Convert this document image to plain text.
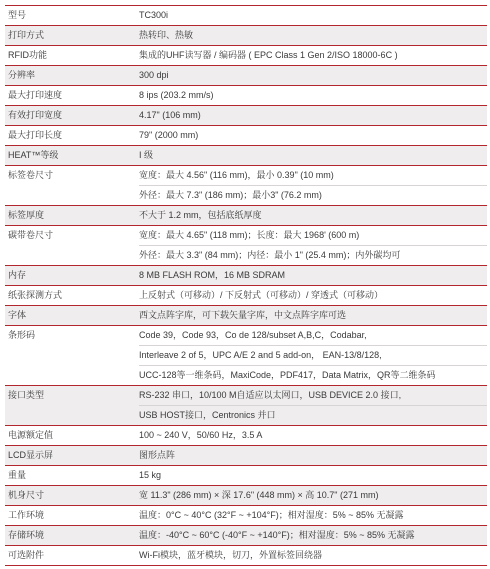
型号	TC300i
打印方式	热转印、热敏
RFID功能	集成的UHF读写器 / 编码器 ( EPC Class 1 Gen 2/ISO 18000-6C )
分辨率	300 dpi
最大打印速度	8 ips (203.2 mm/s)
有效打印宽度	4.17" (106 mm)
最大打印长度	79" (2000 mm)
HEAT™等级	I 级
标签卷尺寸	宽度：最大 4.56" (116 mm)，最小 0.39" (10 mm)
外径：最大 7.3" (186 mm)；最小3" (76.2 mm)
标签厚度	不大于 1.2 mm，包括底纸厚度
碳带卷尺寸	宽度：最大 4.65" (118 mm)；长度：最大 1968' (600 m)
外径：最大 3.3" (84 mm)；内径：最小 1" (25.4 mm)；内外碳均可
内存	8 MB FLASH ROM，16 MB SDRAM
纸张探测方式	上反射式（可移动）/ 下反射式（可移动）/ 穿透式（可移动）
字体	西文点阵字库，可下载矢量字库，中文点阵字库可选
条形码	Code 39，Code 93，Co de 128/subset A,B,C，Codabar,
Interleave 2 of 5，UPC A/E 2 and 5 add-on， EAN-13/8/128,
UCC-128等一维条码，MaxiCode，PDF417，Data Matrix，QR等二维条码
接口类型	RS-232 串口，10/100 M自适应以太网口，USB DEVICE 2.0 接口,
USB HOST接口，Centronics 并口
电源额定值	100 ~ 240 V，50/60 Hz，3.5 A
LCD显示屏	图形点阵
重量	15 kg
机身尺寸	宽 11.3" (286 mm) × 深 17.6" (448 mm) × 高 10.7" (271 mm)
工作环境	温度：0°C ~ 40°C (32°F ~ +104°F)；相对湿度：5% ~ 85% 无凝露
存储环境	温度：-40°C ~ 60°C (-40°F ~ +140°F)；相对湿度：5% ~ 85% 无凝露
可选附件	Wi-Fi模块，蓝牙模块，切刀，外置标签回绕器
